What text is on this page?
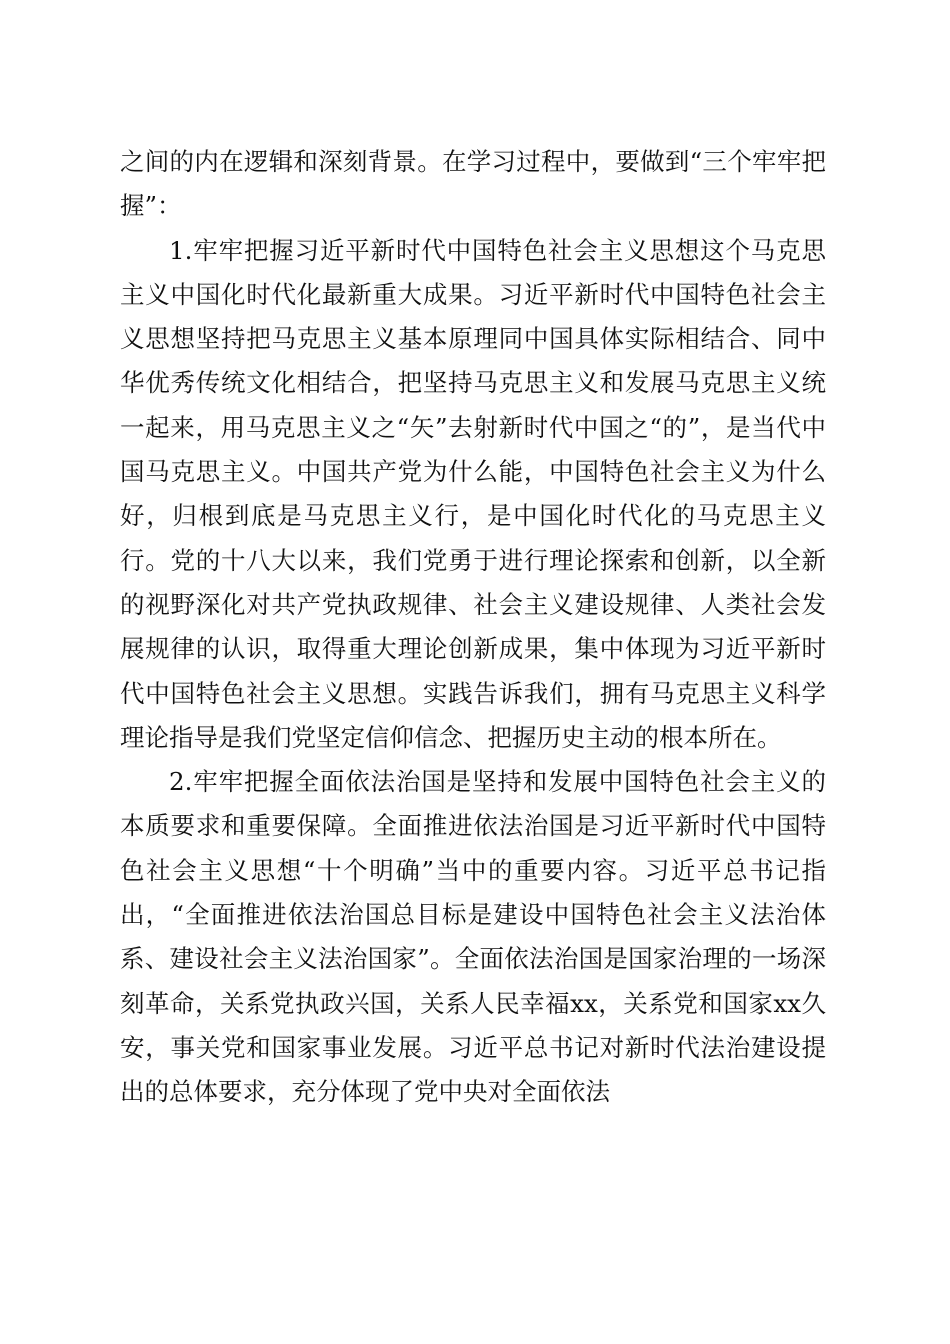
之间的内在逻辑和深刻背景。在学习过程中，要做到“三个牢牢把握”：

1.牢牢把握习近平新时代中国特色社会主义思想这个马克思主义中国化时代化最新重大成果。习近平新时代中国特色社会主义思想坚持把马克思主义基本原理同中国具体实际相结合、同中华优秀传统文化相结合，把坚持马克思主义和发展马克思主义统一起来，用马克思主义之“矢”去射新时代中国之“的”，是当代中国马克思主义。中国共产党为什么能，中国特色社会主义为什么好，归根到底是马克思主义行，是中国化时代化的马克思主义行。党的十八大以来，我们党勇于进行理论探索和创新，以全新的视野深化对共产党执政规律、社会主义建设规律、人类社会发展规律的认识，取得重大理论创新成果，集中体现为习近平新时代中国特色社会主义思想。实践告诉我们，拥有马克思主义科学理论指导是我们党坚定信仰信念、把握历史主动的根本所在。

2.牢牢把握全面依法治国是坚持和发展中国特色社会主义的本质要求和重要保障。全面推进依法治国是习近平新时代中国特色社会主义思想“十个明确”当中的重要内容。习近平总书记指出，“全面推进依法治国总目标是建设中国特色社会主义法治体系、建设社会主义法治国家”。全面依法治国是国家治理的一场深刻革命，关系党执政兴国，关系人民幸福xx，关系党和国家xx久安，事关党和国家事业发展。习近平总书记对新时代法治建设提出的总体要求，充分体现了党中央对全面依法
